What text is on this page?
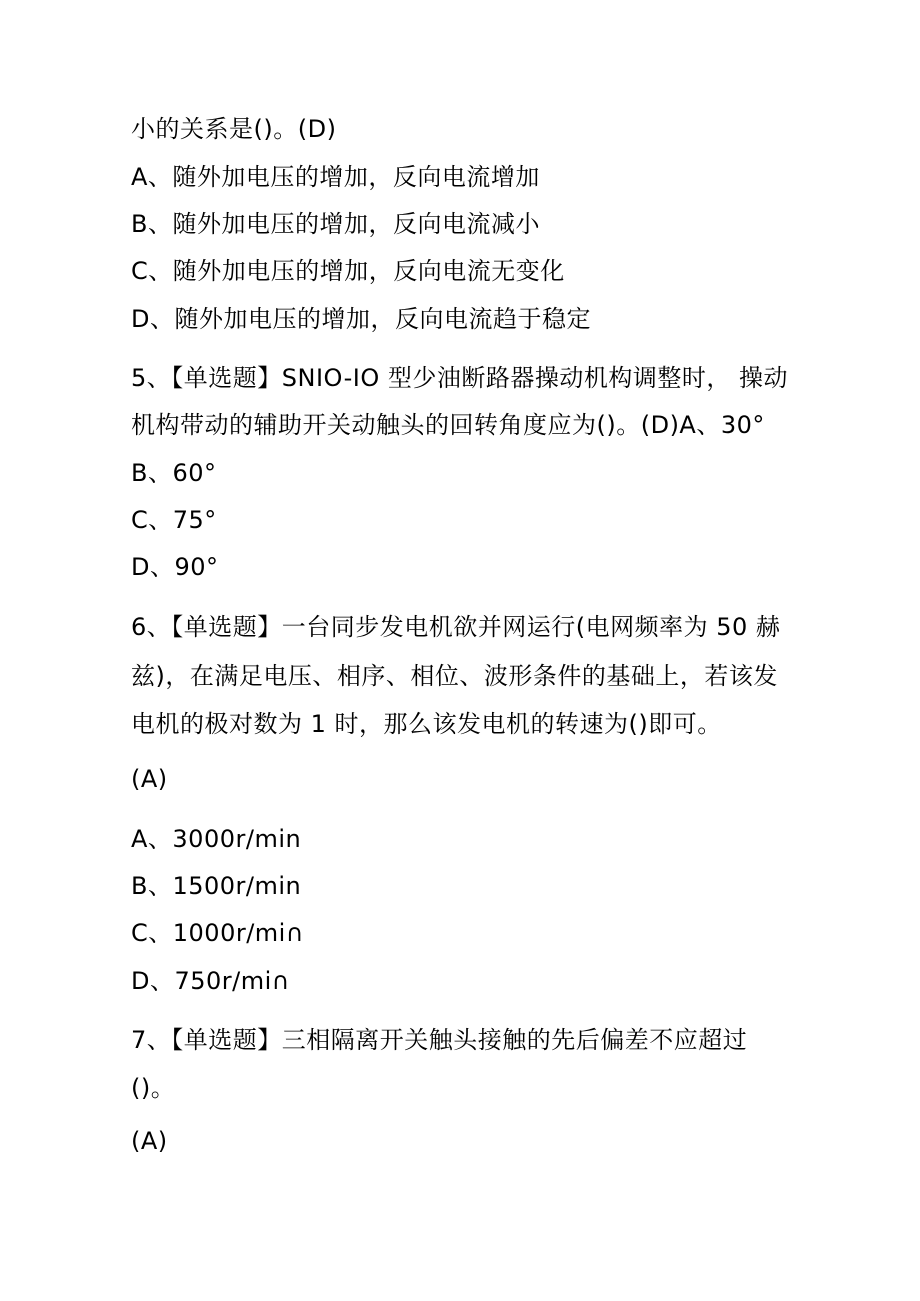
小的关系是()。(D)
A、随外加电压的增加，反向电流增加
B、随外加电压的增加，反向电流减小
C、随外加电压的增加，反向电流无变化
D、随外加电压的增加，反向电流趋于稳定
5、【单选题】SNIO-IO 型少油断路器操动机构调整时， 操动
机构带动的辅助开关动触头的回转角度应为()。(D)A、30°
B、60°
C、75°
D、90°
6、【单选题】一台同步发电机欲并网运行(电网频率为 50 赫
兹)，在满足电压、相序、相位、波形条件的基础上，若该发
电机的极对数为 1 时，那么该发电机的转速为()即可。
(A)
A、3000r∕min
B、1500r∕min
C、1000r∕mi∩
D、750r∕mi∩
7、【单选题】三相隔离开关触头接触的先后偏差不应超过
()。
(A)
